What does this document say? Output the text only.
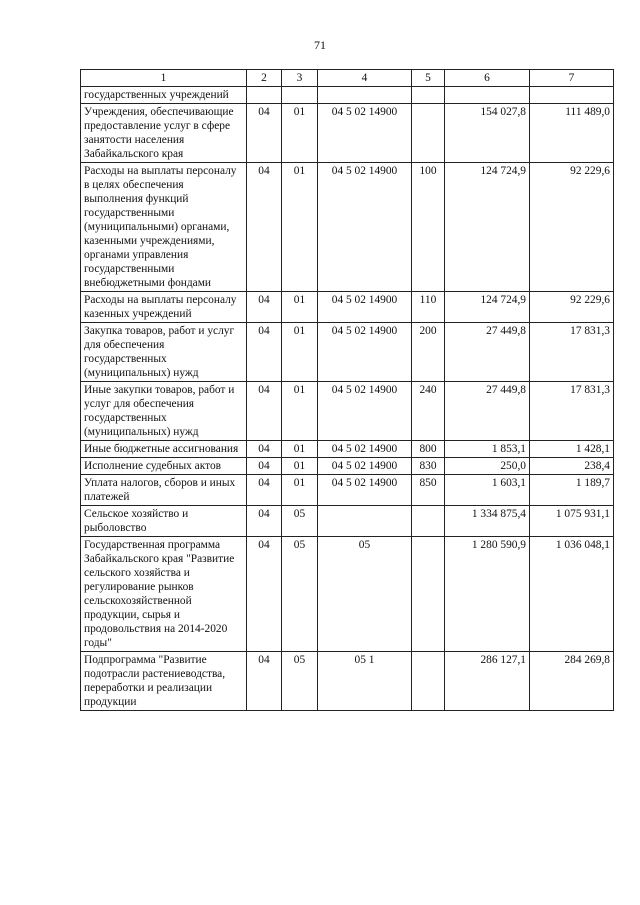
71
1	2	3	4	5	6	7
государственных учреждений						
Учреждения, обеспечивающие предоставление услуг в сфере занятости населения Забайкальского края	04	01	04 5 02 14900		154 027,8	111 489,0
Расходы на выплаты персоналу в целях обеспечения выполнения функций государственными (муниципальными) органами, казенными учреждениями, органами управления государственными внебюджетными фондами	04	01	04 5 02 14900	100	124 724,9	92 229,6
Расходы на выплаты персоналу казенных учреждений	04	01	04 5 02 14900	110	124 724,9	92 229,6
Закупка товаров, работ и услуг для обеспечения государственных (муниципальных) нужд	04	01	04 5 02 14900	200	27 449,8	17 831,3
Иные закупки товаров, работ и услуг для обеспечения государственных (муниципальных) нужд	04	01	04 5 02 14900	240	27 449,8	17 831,3
Иные бюджетные ассигнования	04	01	04 5 02 14900	800	1 853,1	1 428,1
Исполнение судебных актов	04	01	04 5 02 14900	830	250,0	238,4
Уплата налогов, сборов и иных платежей	04	01	04 5 02 14900	850	1 603,1	1 189,7
Сельское хозяйство и рыболовство	04	05			1 334 875,4	1 075 931,1
Государственная программа Забайкальского края "Развитие сельского хозяйства и регулирование рынков сельскохозяйственной продукции, сырья и продовольствия на 2014-2020 годы"	04	05	05		1 280 590,9	1 036 048,1
Подпрограмма "Развитие подотрасли растениеводства, переработки и реализации продукции	04	05	05 1		286 127,1	284 269,8
